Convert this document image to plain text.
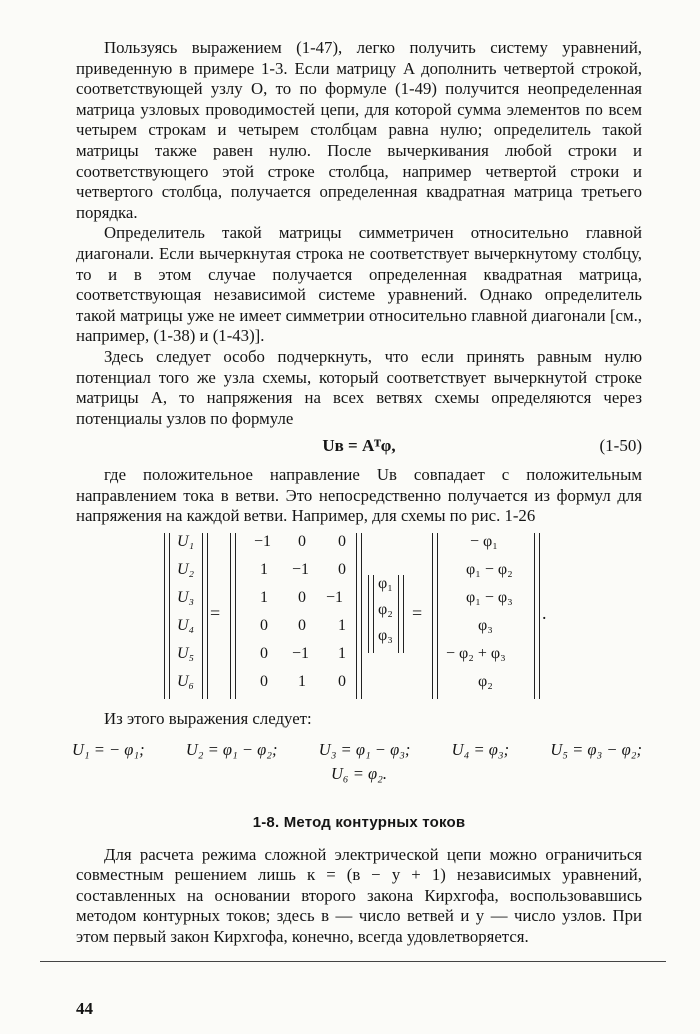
Пользуясь выражением (1-47), легко получить систему уравнений, приведенную в примере 1-3. Если матрицу A дополнить четвертой строкой, соответствующей узлу O, то по формуле (1-49) получится неопределенная матрица узловых проводимостей цепи, для которой сумма элементов по всем четырем строкам и четырем столбцам равна нулю; определитель такой матрицы также равен нулю. После вычеркивания любой строки и соответствующего этой строке столбца, например четвертой строки и четвертого столбца, получается определенная квадратная матрица третьего порядка.

Определитель такой матрицы симметричен относительно главной диагонали. Если вычеркнутая строка не соответствует вычеркнутому столбцу, то и в этом случае получается определенная квадратная матрица, соответствующая независимой системе уравнений. Однако определитель такой матрицы уже не имеет симметрии относительно главной диагонали [см., например, (1-38) и (1-43)].

Здесь следует особо подчеркнуть, что если принять равным нулю потенциал того же узла схемы, который соответствует вычеркнутой строке матрицы A, то напряжения на всех ветвях схемы определяются через потенциалы узлов по формуле

Uв = Aᵀφ,	(1-50)

где положительное направление Uв совпадает с положительным направлением тока в ветви. Это непосредственно получается из формул для напряжения на каждой ветви. Например, для схемы по рис. 1-26

U₁
U₂
U₃
U₄
U₅
U₆
=
−1 0 0
1 −1 0
1 0 −1
0 0 1
0 −1 1
0 1 0
φ₁
φ₂
φ₃
=
− φ₁
φ₁ − φ₂
φ₁ − φ₃
φ₃
− φ₂ + φ₃
φ₂
.

Из этого выражения следует:

U₁ = − φ₁; U₂ = φ₁ − φ₂; U₃ = φ₁ − φ₃; U₄ = φ₃; U₅ = φ₃ − φ₂;
U₆ = φ₂.
1-8. Метод контурных токов

Для расчета режима сложной электрической цепи можно ограничиться совместным решением лишь к = (в − у + 1) независимых уравнений, составленных на основании второго закона Кирхгофа, воспользовавшись методом контурных токов; здесь в — число ветвей и у — число узлов. При этом первый закон Кирхгофа, конечно, всегда удовлетворяется.

44
